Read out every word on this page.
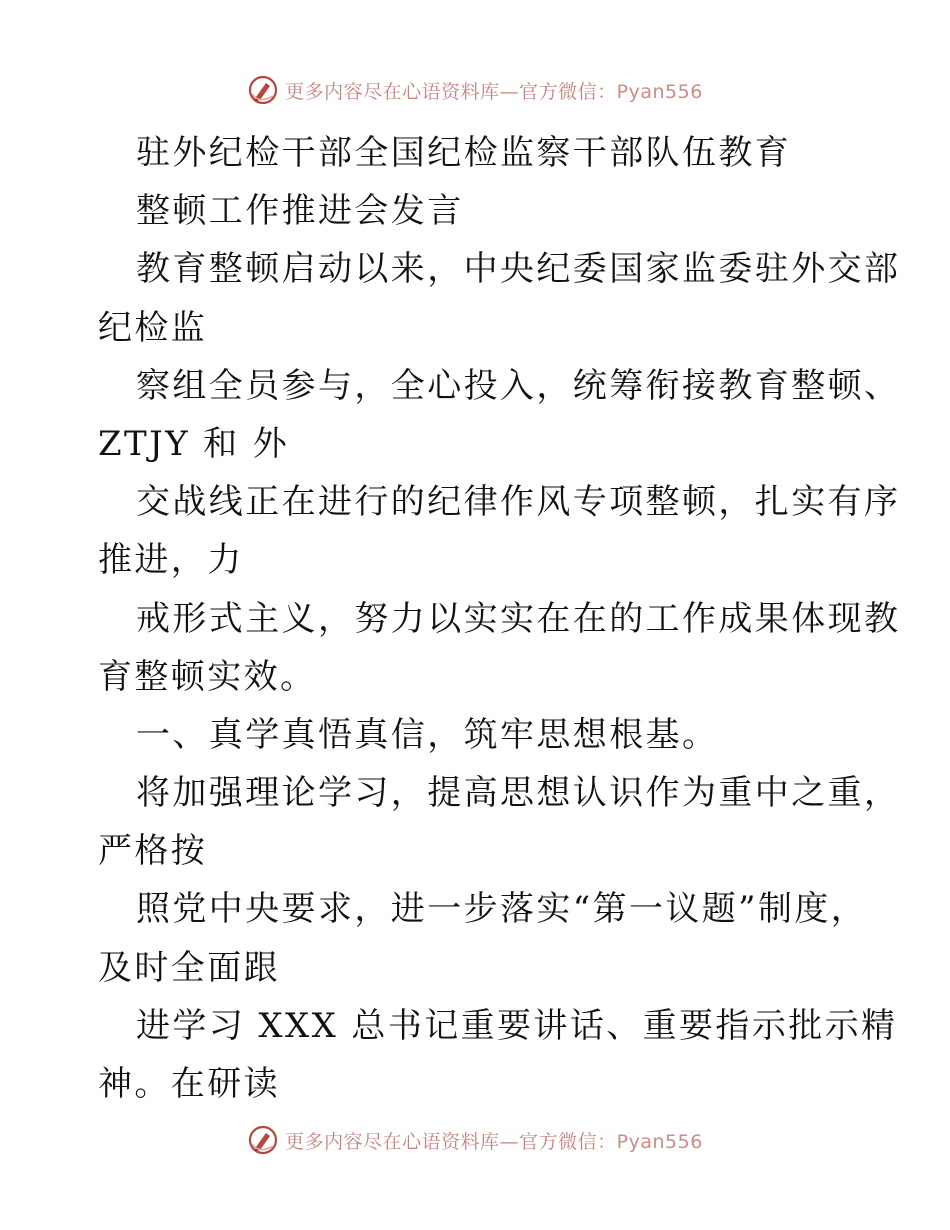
更多内容尽在心语资料库—官方微信：Pyan556
驻外纪检干部全国纪检监察干部队伍教育
整顿工作推进会发言
教育整顿启动以来，中央纪委国家监委驻外交部
纪检监
察组全员参与，全心投入，统筹衔接教育整顿、
ZTJY 和 外
交战线正在进行的纪律作风专项整顿，扎实有序
推进，力
戒形式主义，努力以实实在在的工作成果体现教
育整顿实效。
一、真学真悟真信，筑牢思想根基。
将加强理论学习，提高思想认识作为重中之重，
严格按
照党中央要求，进一步落实“第一议题”制度，
及时全面跟
进学习 XXX 总书记重要讲话、重要指示批示精
神。在研读
更多内容尽在心语资料库—官方微信：Pyan556
